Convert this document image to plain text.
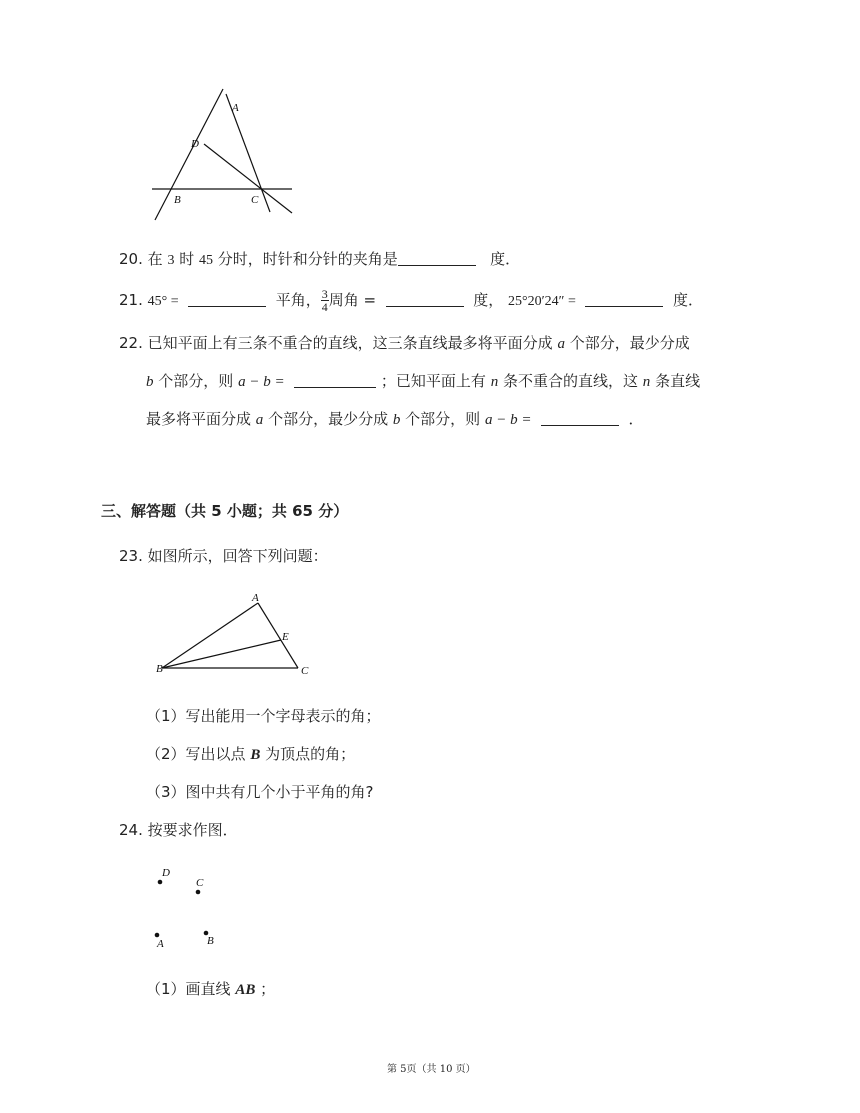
A
D
B	C
20. 在 3 时 45 分时，时针和分针的夹角是	度．
21. 45° =	平角， $\frac{3}{4}$ 周角 =	度， 25°20′24″ =	度．
22. 已知平面上有三条不重合的直线，这三条直线最多将平面分成 a 个部分，最少分成
b 个部分，则 a − b =	；已知平面上有 n 条不重合的直线，这 n 条直线
最多将平面分成 a 个部分，最少分成 b 个部分，则 a − b =	．
三、解答题（共 5 小题；共 65 分）
23. 如图所示，回答下列问题：
A
E
B	C
（1）写出能用一个字母表示的角；
（2）写出以点 B 为顶点的角；
（3）图中共有几个小于平角的角?
24. 按要求作图．
D
C
A	B
（1）画直线 AB ；
第 5页（共 10 页）
